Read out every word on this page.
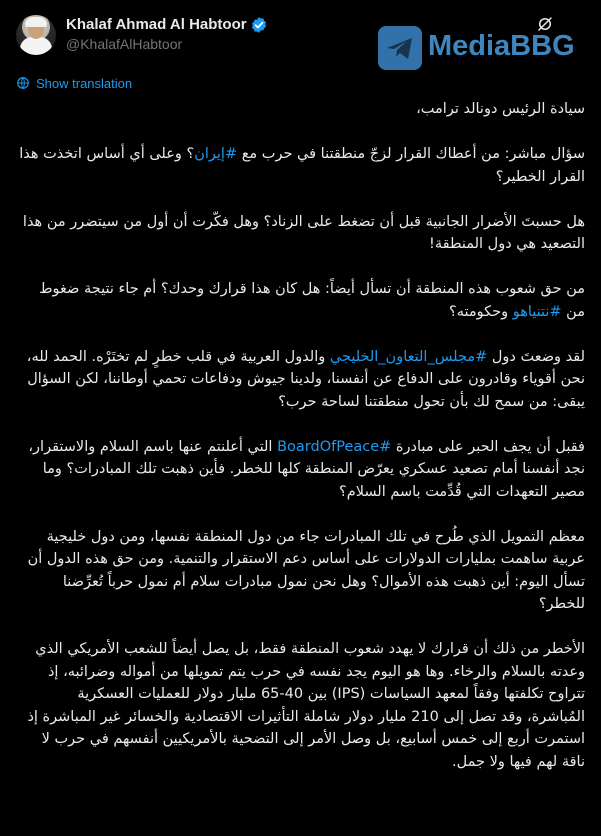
Khalaf Ahmad Al Habtoor
@KhalafAlHabtoor	MediaBBG
Show translation

سيادة الرئيس دونالد ترامب،

سؤال مباشر: من أعطاك القرار لزجّ منطقتنا في حرب مع #إيران؟ وعلى أي أساس اتخذت هذا القرار الخطير؟

هل حسبتَ الأضرار الجانبية قبل أن تضغط على الزناد؟ وهل فكّرت أن أول من سيتضرر من هذا التصعيد هي دول المنطقة!

من حق شعوب هذه المنطقة أن تسأل أيضاً: هل كان هذا قرارك وحدك؟ أم جاء نتيجة ضغوط من #نتنياهو وحكومته؟

لقد وضعتَ دول #مجلس_التعاون_الخليجي والدول العربية في قلب خطرٍ لم تختَرْه. الحمد لله، نحن أقوياء وقادرون على الدفاع عن أنفسنا، ولدينا جيوش ودفاعات تحمي أوطاننا، لكن السؤال يبقى: من سمح لك بأن تحول منطقتنا لساحة حرب؟

فقبل أن يجف الحبر على مبادرة #BoardOfPeace التي أعلنتم عنها باسم السلام والاستقرار، نجد أنفسنا أمام تصعيد عسكري يعرّض المنطقة كلها للخطر. فأين ذهبت تلك المبادرات؟ وما مصير التعهدات التي قُدِّمت باسم السلام؟

معظم التمويل الذي طُرح في تلك المبادرات جاء من دول المنطقة نفسها، ومن دول خليجية عربية ساهمت بمليارات الدولارات على أساس دعم الاستقرار والتنمية. ومن حق هذه الدول أن تسأل اليوم: أين ذهبت هذه الأموال؟ وهل نحن نمول مبادرات سلام أم نمول حرباً تُعرِّضنا للخطر؟

الأخطر من ذلك أن قرارك لا يهدد شعوب المنطقة فقط، بل يصل أيضاً للشعب الأمريكي الذي وعدته بالسلام والرخاء. وها هو اليوم يجد نفسه في حرب يتم تمويلها من أمواله وضرائبه، إذ تتراوح تكلفتها وفقاً لمعهد السياسات (IPS) بين 40-65 مليار دولار للعمليات العسكرية المُباشرة، وقد تصل إلى 210 مليار دولار شاملة التأثيرات الاقتصادية والخسائر غير المباشرة إذ استمرت أربع إلى خمس أسابيع، بل وصل الأمر إلى التضحية بالأمريكيين أنفسهم في حرب لا ناقة لهم فيها ولا جمل.
